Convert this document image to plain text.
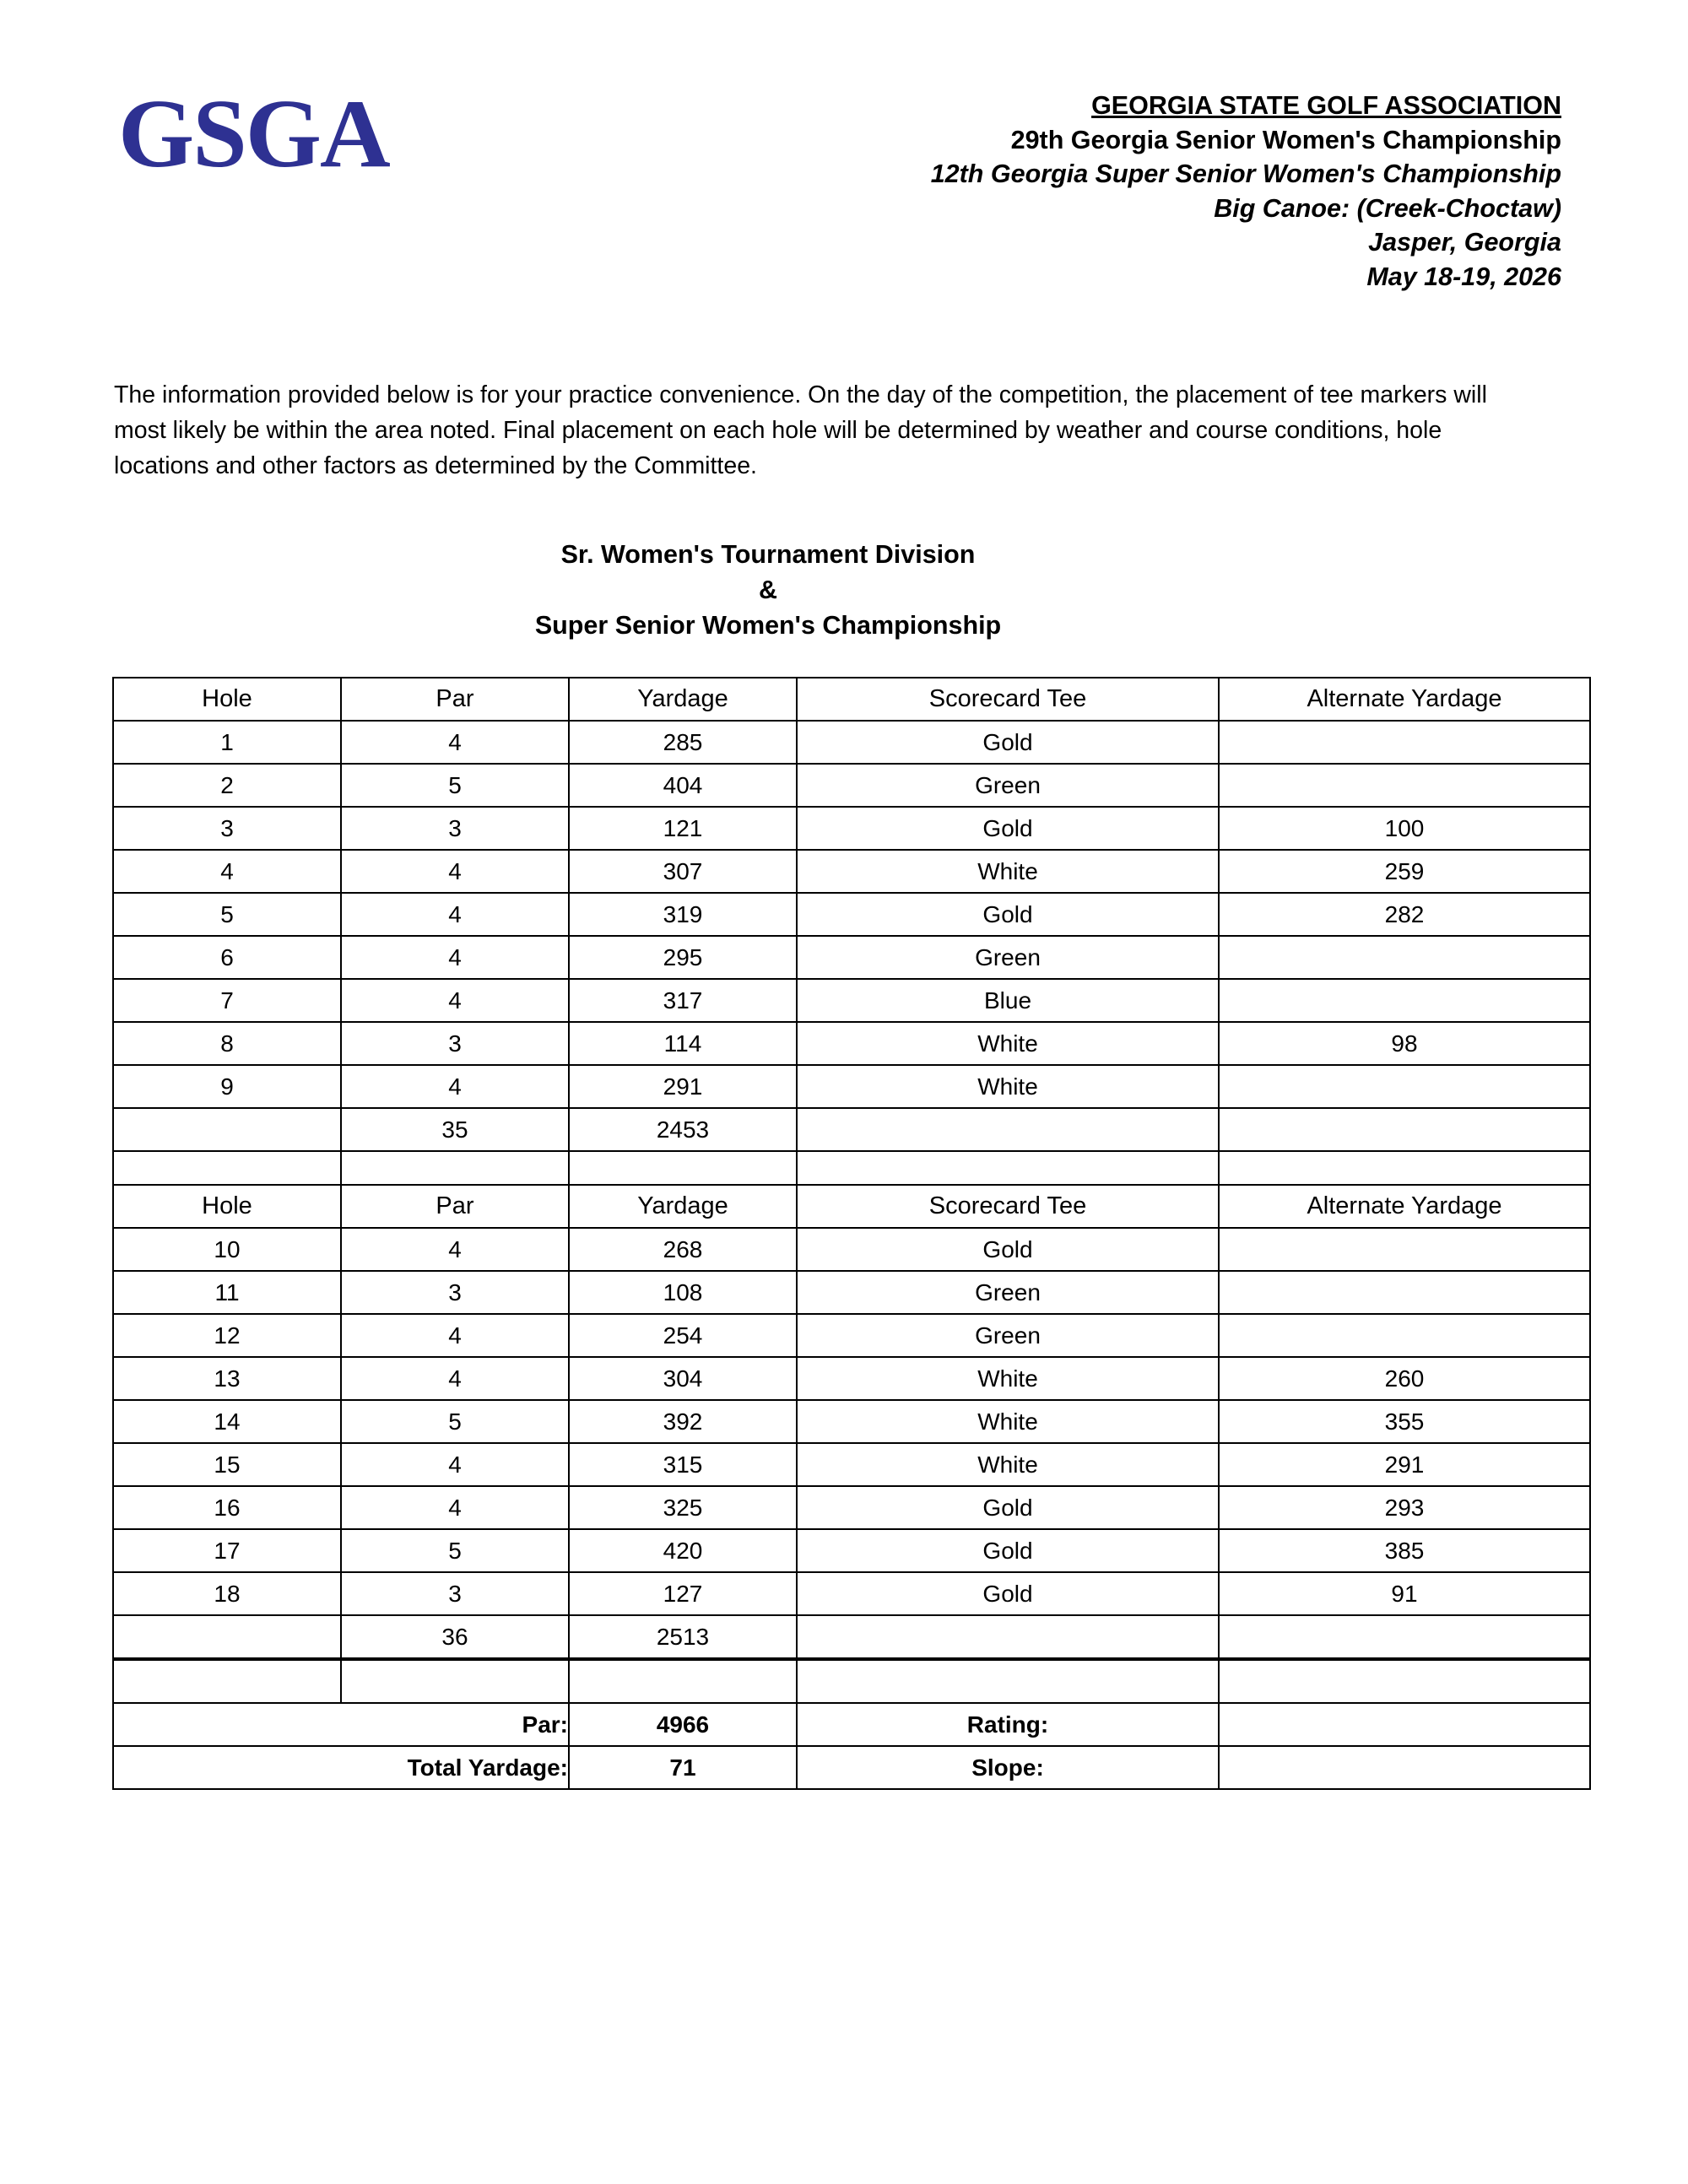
GSGA	GEORGIA STATE GOLF ASSOCIATION
29th Georgia Senior Women's Championship
12th Georgia Super Senior Women's Championship
Big Canoe: (Creek-Choctaw)
Jasper, Georgia
May 18-19, 2026
The information provided below is for your practice convenience. On the day of the competition, the placement of tee markers will most likely be within the area noted. Final placement on each hole will be determined by weather and course conditions, hole locations and other factors as determined by the Committee.
Sr. Women's Tournament Division
&
Super Senior Women's Championship
Hole	Par	Yardage	Scorecard Tee	Alternate Yardage
1	4	285	Gold	
2	5	404	Green	
3	3	121	Gold	100
4	4	307	White	259
5	4	319	Gold	282
6	4	295	Green	
7	4	317	Blue	
8	3	114	White	98
9	4	291	White	
	35	2453		

Hole	Par	Yardage	Scorecard Tee	Alternate Yardage
10	4	268	Gold	
11	3	108	Green	
12	4	254	Green	
13	4	304	White	260
14	5	392	White	355
15	4	315	White	291
16	4	325	Gold	293
17	5	420	Gold	385
18	3	127	Gold	91
	36	2513		

Par:		4966	Rating:	
Total Yardage:		71	Slope:	
